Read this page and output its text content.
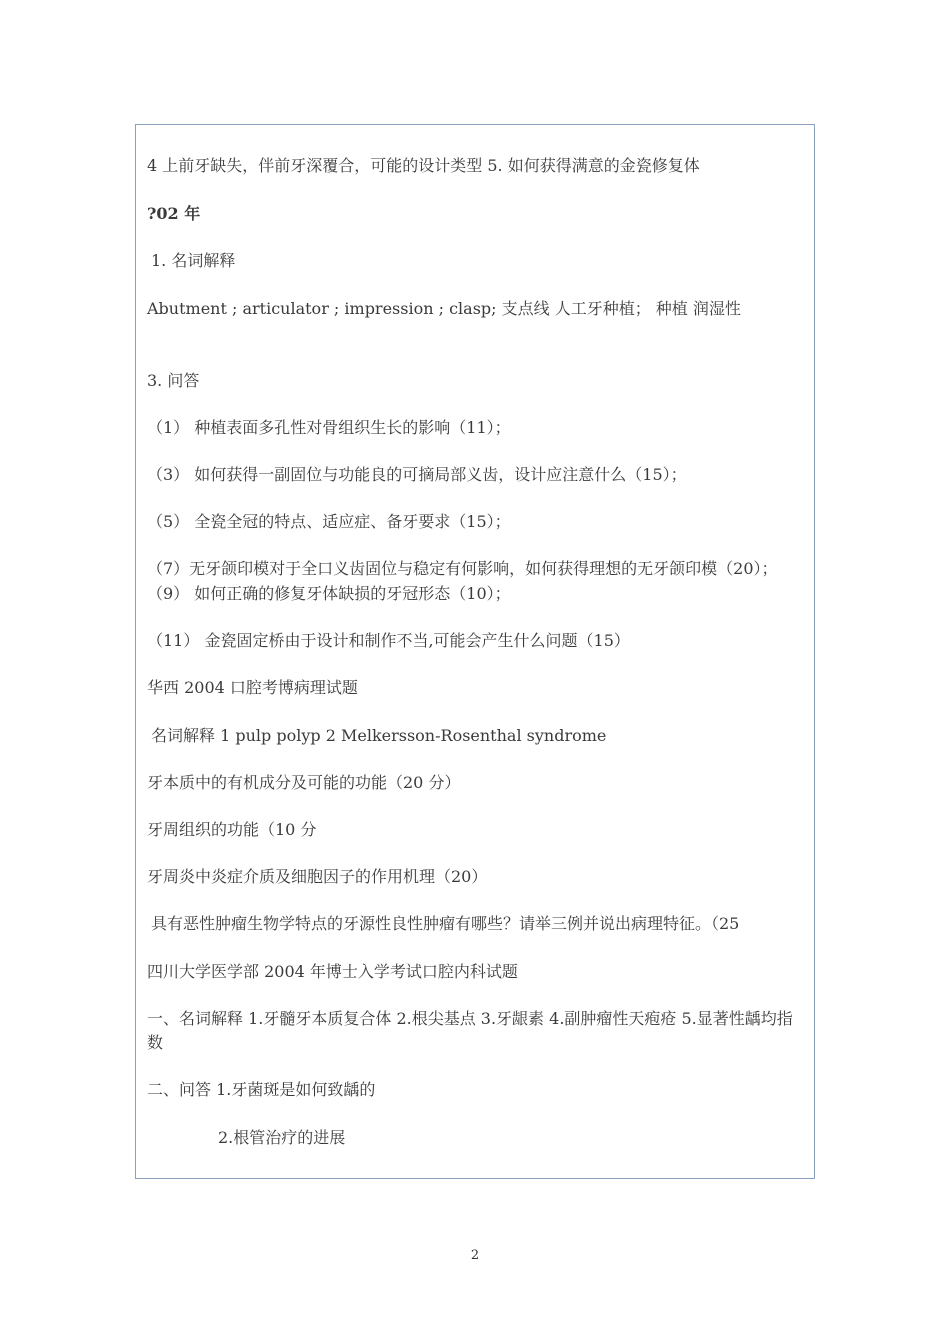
4 上前牙缺失，伴前牙深覆合，可能的设计类型 5. 如何获得满意的金瓷修复体
?02 年
1. 名词解释
Abutment ; articulator ; impression ; clasp; 支点线 人工牙种植； 种植 润湿性
3. 问答
（1） 种植表面多孔性对骨组织生长的影响（11）；
（3） 如何获得一副固位与功能良的可摘局部义齿，设计应注意什么（15）；
（5） 全瓷全冠的特点、适应症、备牙要求（15）；
（7）无牙颌印模对于全口义齿固位与稳定有何影响，如何获得理想的无牙颌印模（20）；
（9） 如何正确的修复牙体缺损的牙冠形态（10）；
（11） 金瓷固定桥由于设计和制作不当,可能会产生什么问题（15）
华西 2004 口腔考博病理试题
名词解释 1 pulp polyp 2 Melkersson-Rosenthal syndrome
牙本质中的有机成分及可能的功能（20 分）
牙周组织的功能（10 分
牙周炎中炎症介质及细胞因子的作用机理（20）
具有恶性肿瘤生物学特点的牙源性良性肿瘤有哪些？请举三例并说出病理特征。（25
四川大学医学部 2004 年博士入学考试口腔内科试题
一、名词解释 1.牙髓牙本质复合体 2.根尖基点 3.牙龈素 4.副肿瘤性天疱疮 5.显著性龋均指数
二、问答 1.牙菌斑是如何致龋的
2.根管治疗的进展
2
